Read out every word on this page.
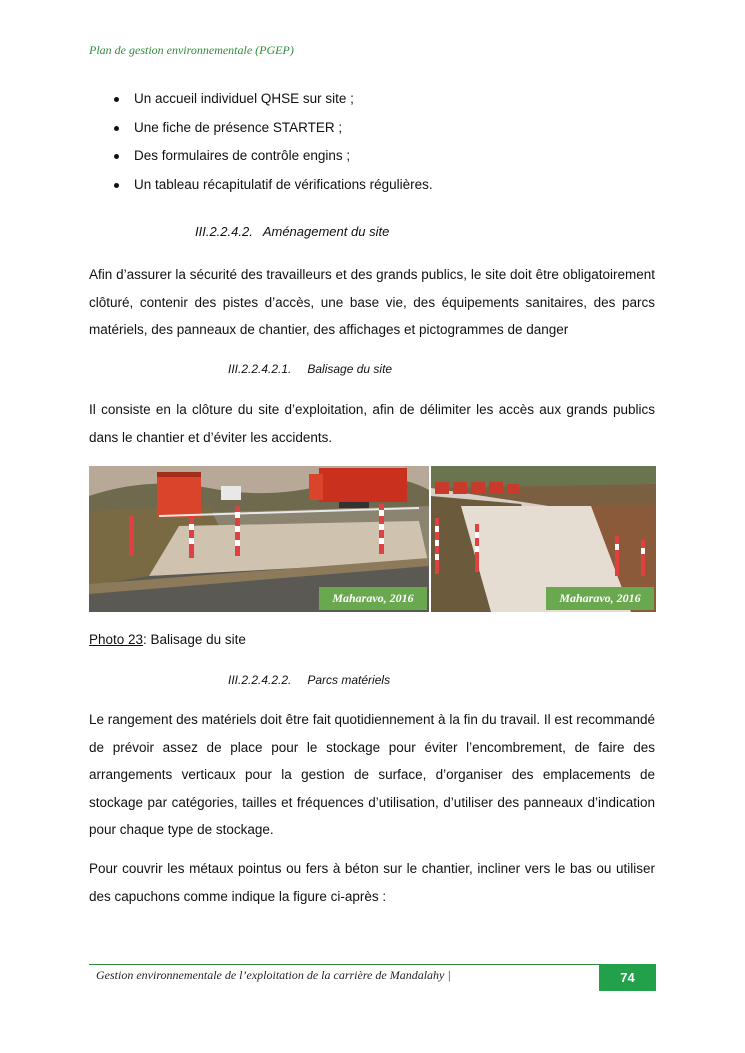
Plan de gestion environnementale (PGEP)
Un accueil individuel QHSE sur site ;
Une fiche de présence STARTER ;
Des formulaires de contrôle engins ;
Un tableau récapitulatif de vérifications régulières.
III.2.2.4.2. Aménagement du site

Afin d’assurer la sécurité des travailleurs et des grands publics, le site doit être obligatoirement clôturé, contenir des pistes d’accès, une base vie, des équipements sanitaires, des parcs matériels, des panneaux de chantier, des affichages et pictogrammes de danger

III.2.2.4.2.1. Balisage du site

Il consiste en la clôture du site d’exploitation, afin de délimiter les accès aux grands publics dans le chantier et d’éviter les accidents.

Maharavo, 2016	Maharavo, 2016
Photo 23: Balisage du site
III.2.2.4.2.2. Parcs matériels

Le rangement des matériels doit être fait quotidiennement à la fin du travail. Il est recommandé de prévoir assez de place pour le stockage pour éviter l’encombrement, de faire des arrangements verticaux pour la gestion de surface, d’organiser des emplacements de stockage par catégories, tailles et fréquences d’utilisation, d’utiliser des panneaux d’indication pour chaque type de stockage.

Pour couvrir les métaux pointus ou fers à béton sur le chantier, incliner vers le bas ou utiliser des capuchons comme indique la figure ci-après :

Gestion environnementale de l’exploitation de la carrière de Mandalahy |	74
